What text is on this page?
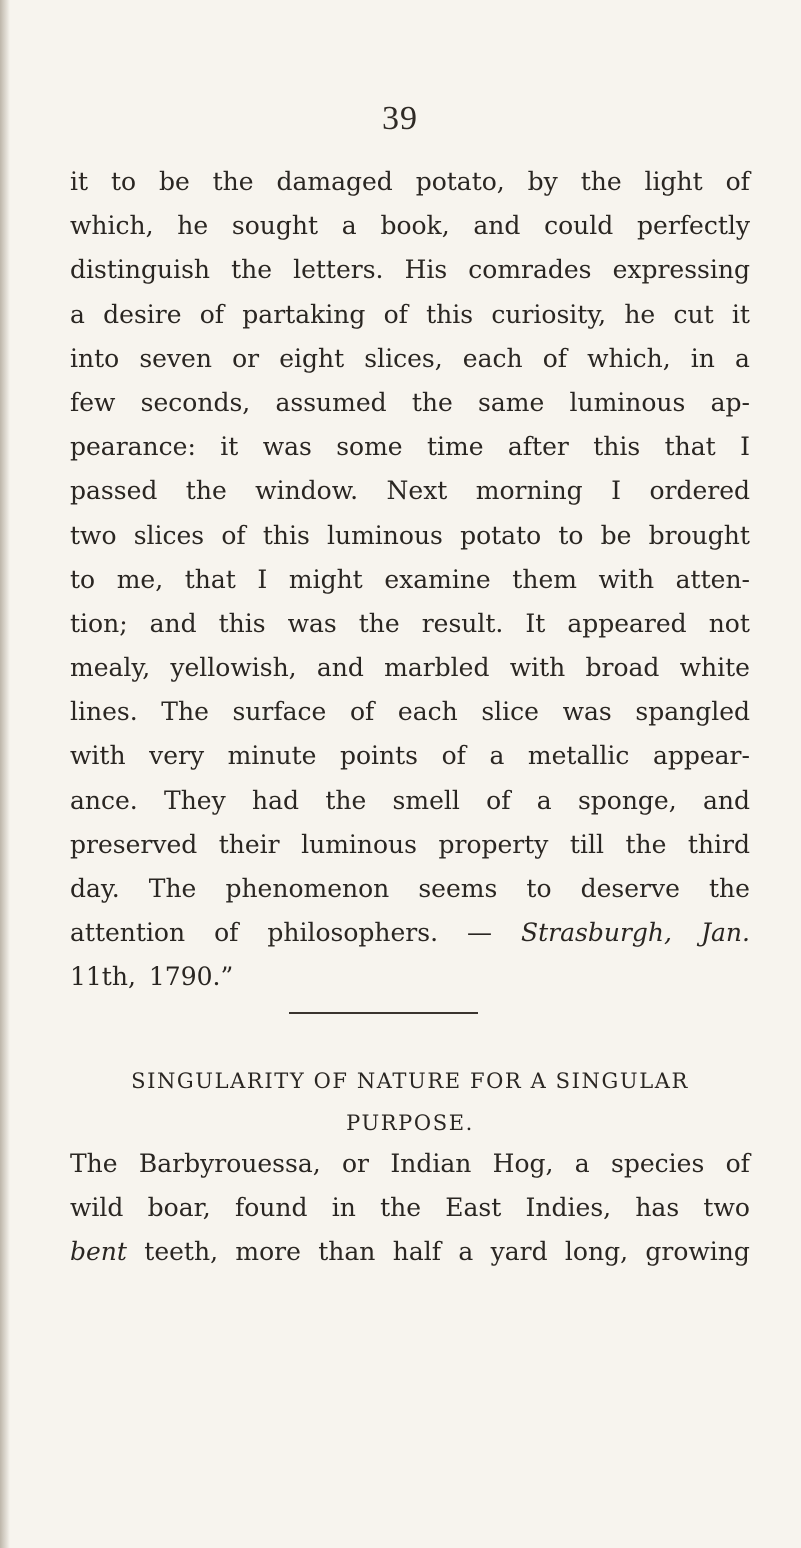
39
it to be the damaged potato, by the light of
which, he sought a book, and could perfectly
distinguish the letters. His comrades expressing
a desire of partaking of this curiosity, he cut it
into seven or eight slices, each of which, in a
few seconds, assumed the same luminous ap-
pearance: it was some time after this that I
passed the window. Next morning I ordered
two slices of this luminous potato to be brought
to me, that I might examine them with atten-
tion; and this was the result. It appeared not
mealy, yellowish, and marbled with broad white
lines. The surface of each slice was spangled
with very minute points of a metallic appear-
ance. They had the smell of a sponge, and
preserved their luminous property till the third
day. The phenomenon seems to deserve the
attention of philosophers. — Strasburgh, Jan.
11th, 1790.”
SINGULARITY OF NATURE FOR A SINGULAR
PURPOSE.
The Barbyrouessa, or Indian Hog, a species of
wild boar, found in the East Indies, has two
bent teeth, more than half a yard long, growing
